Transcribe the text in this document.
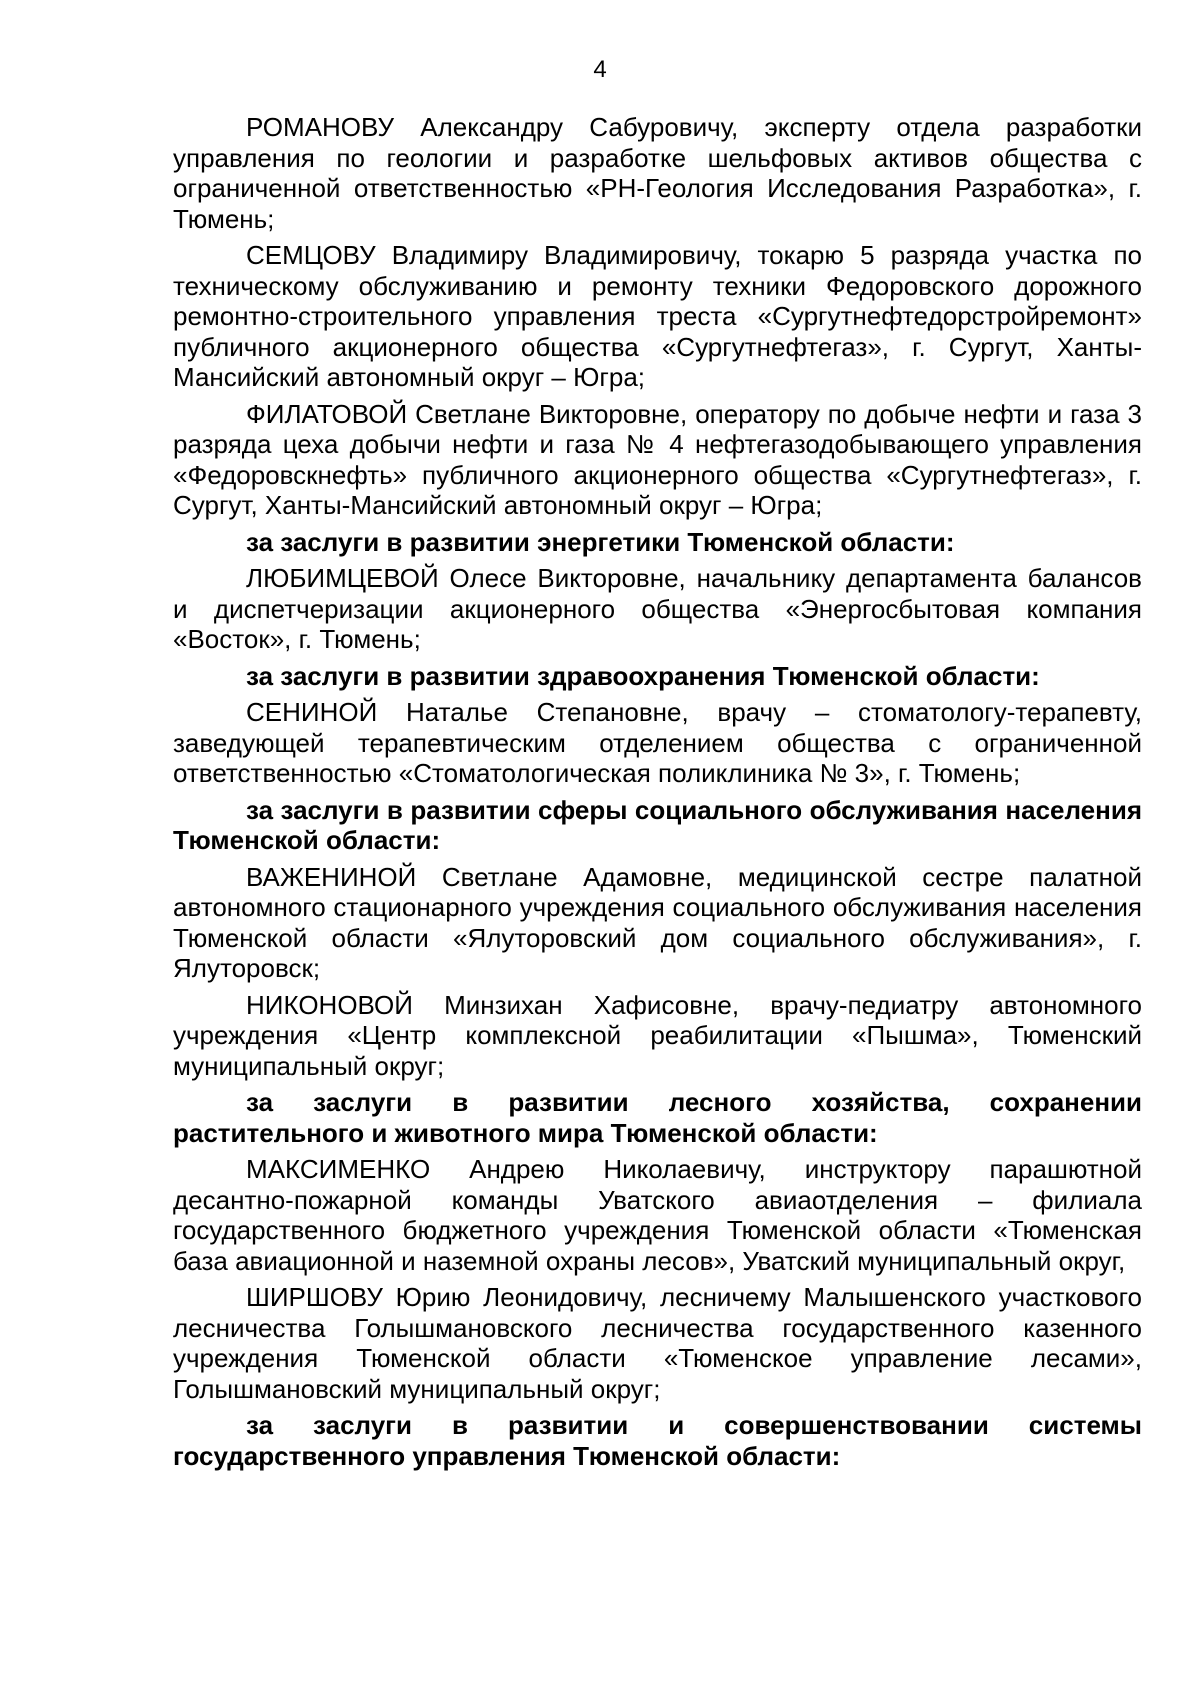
4

РОМАНОВУ Александру Сабуровичу, эксперту отдела разработки управления по геологии и разработке шельфовых активов общества с ограниченной ответственностью «РН-Геология Исследования Разработка», г. Тюмень;

СЕМЦОВУ Владимиру Владимировичу, токарю 5 разряда участка по техническому обслуживанию и ремонту техники Федоровского дорожного ремонтно-строительного управления треста «Сургутнефтедорстройремонт» публичного акционерного общества «Сургутнефтегаз», г. Сургут, Ханты-Мансийский автономный округ – Югра;

ФИЛАТОВОЙ Светлане Викторовне, оператору по добыче нефти и газа 3 разряда цеха добычи нефти и газа № 4 нефтегазодобывающего управления «Федоровскнефть» публичного акционерного общества «Сургутнефтегаз», г. Сургут, Ханты-Мансийский автономный округ – Югра;

за заслуги в развитии энергетики Тюменской области:

ЛЮБИМЦЕВОЙ Олесе Викторовне, начальнику департамента балансов и диспетчеризации акционерного общества «Энергосбытовая компания «Восток», г. Тюмень;

за заслуги в развитии здравоохранения Тюменской области:

СЕНИНОЙ Наталье Степановне, врачу – стоматологу-терапевту, заведующей терапевтическим отделением общества с ограниченной ответственностью «Стоматологическая поликлиника № 3», г. Тюмень;

за заслуги в развитии сферы социального обслуживания населения Тюменской области:

ВАЖЕНИНОЙ Светлане Адамовне, медицинской сестре палатной автономного стационарного учреждения социального обслуживания населения Тюменской области «Ялуторовский дом социального обслуживания», г. Ялуторовск;

НИКОНОВОЙ Минзихан Хафисовне, врачу-педиатру автономного учреждения «Центр комплексной реабилитации «Пышма», Тюменский муниципальный округ;

за заслуги в развитии лесного хозяйства, сохранении растительного и животного мира Тюменской области:

МАКСИМЕНКО Андрею Николаевичу, инструктору парашютной десантно-пожарной команды Уватского авиаотделения – филиала государственного бюджетного учреждения Тюменской области «Тюменская база авиационной и наземной охраны лесов», Уватский муниципальный округ,

ШИРШОВУ Юрию Леонидовичу, лесничему Малышенского участкового лесничества Голышмановского лесничества государственного казенного учреждения Тюменской области «Тюменское управление лесами», Голышмановский муниципальный округ;

за заслуги в развитии и совершенствовании системы государственного управления Тюменской области:
